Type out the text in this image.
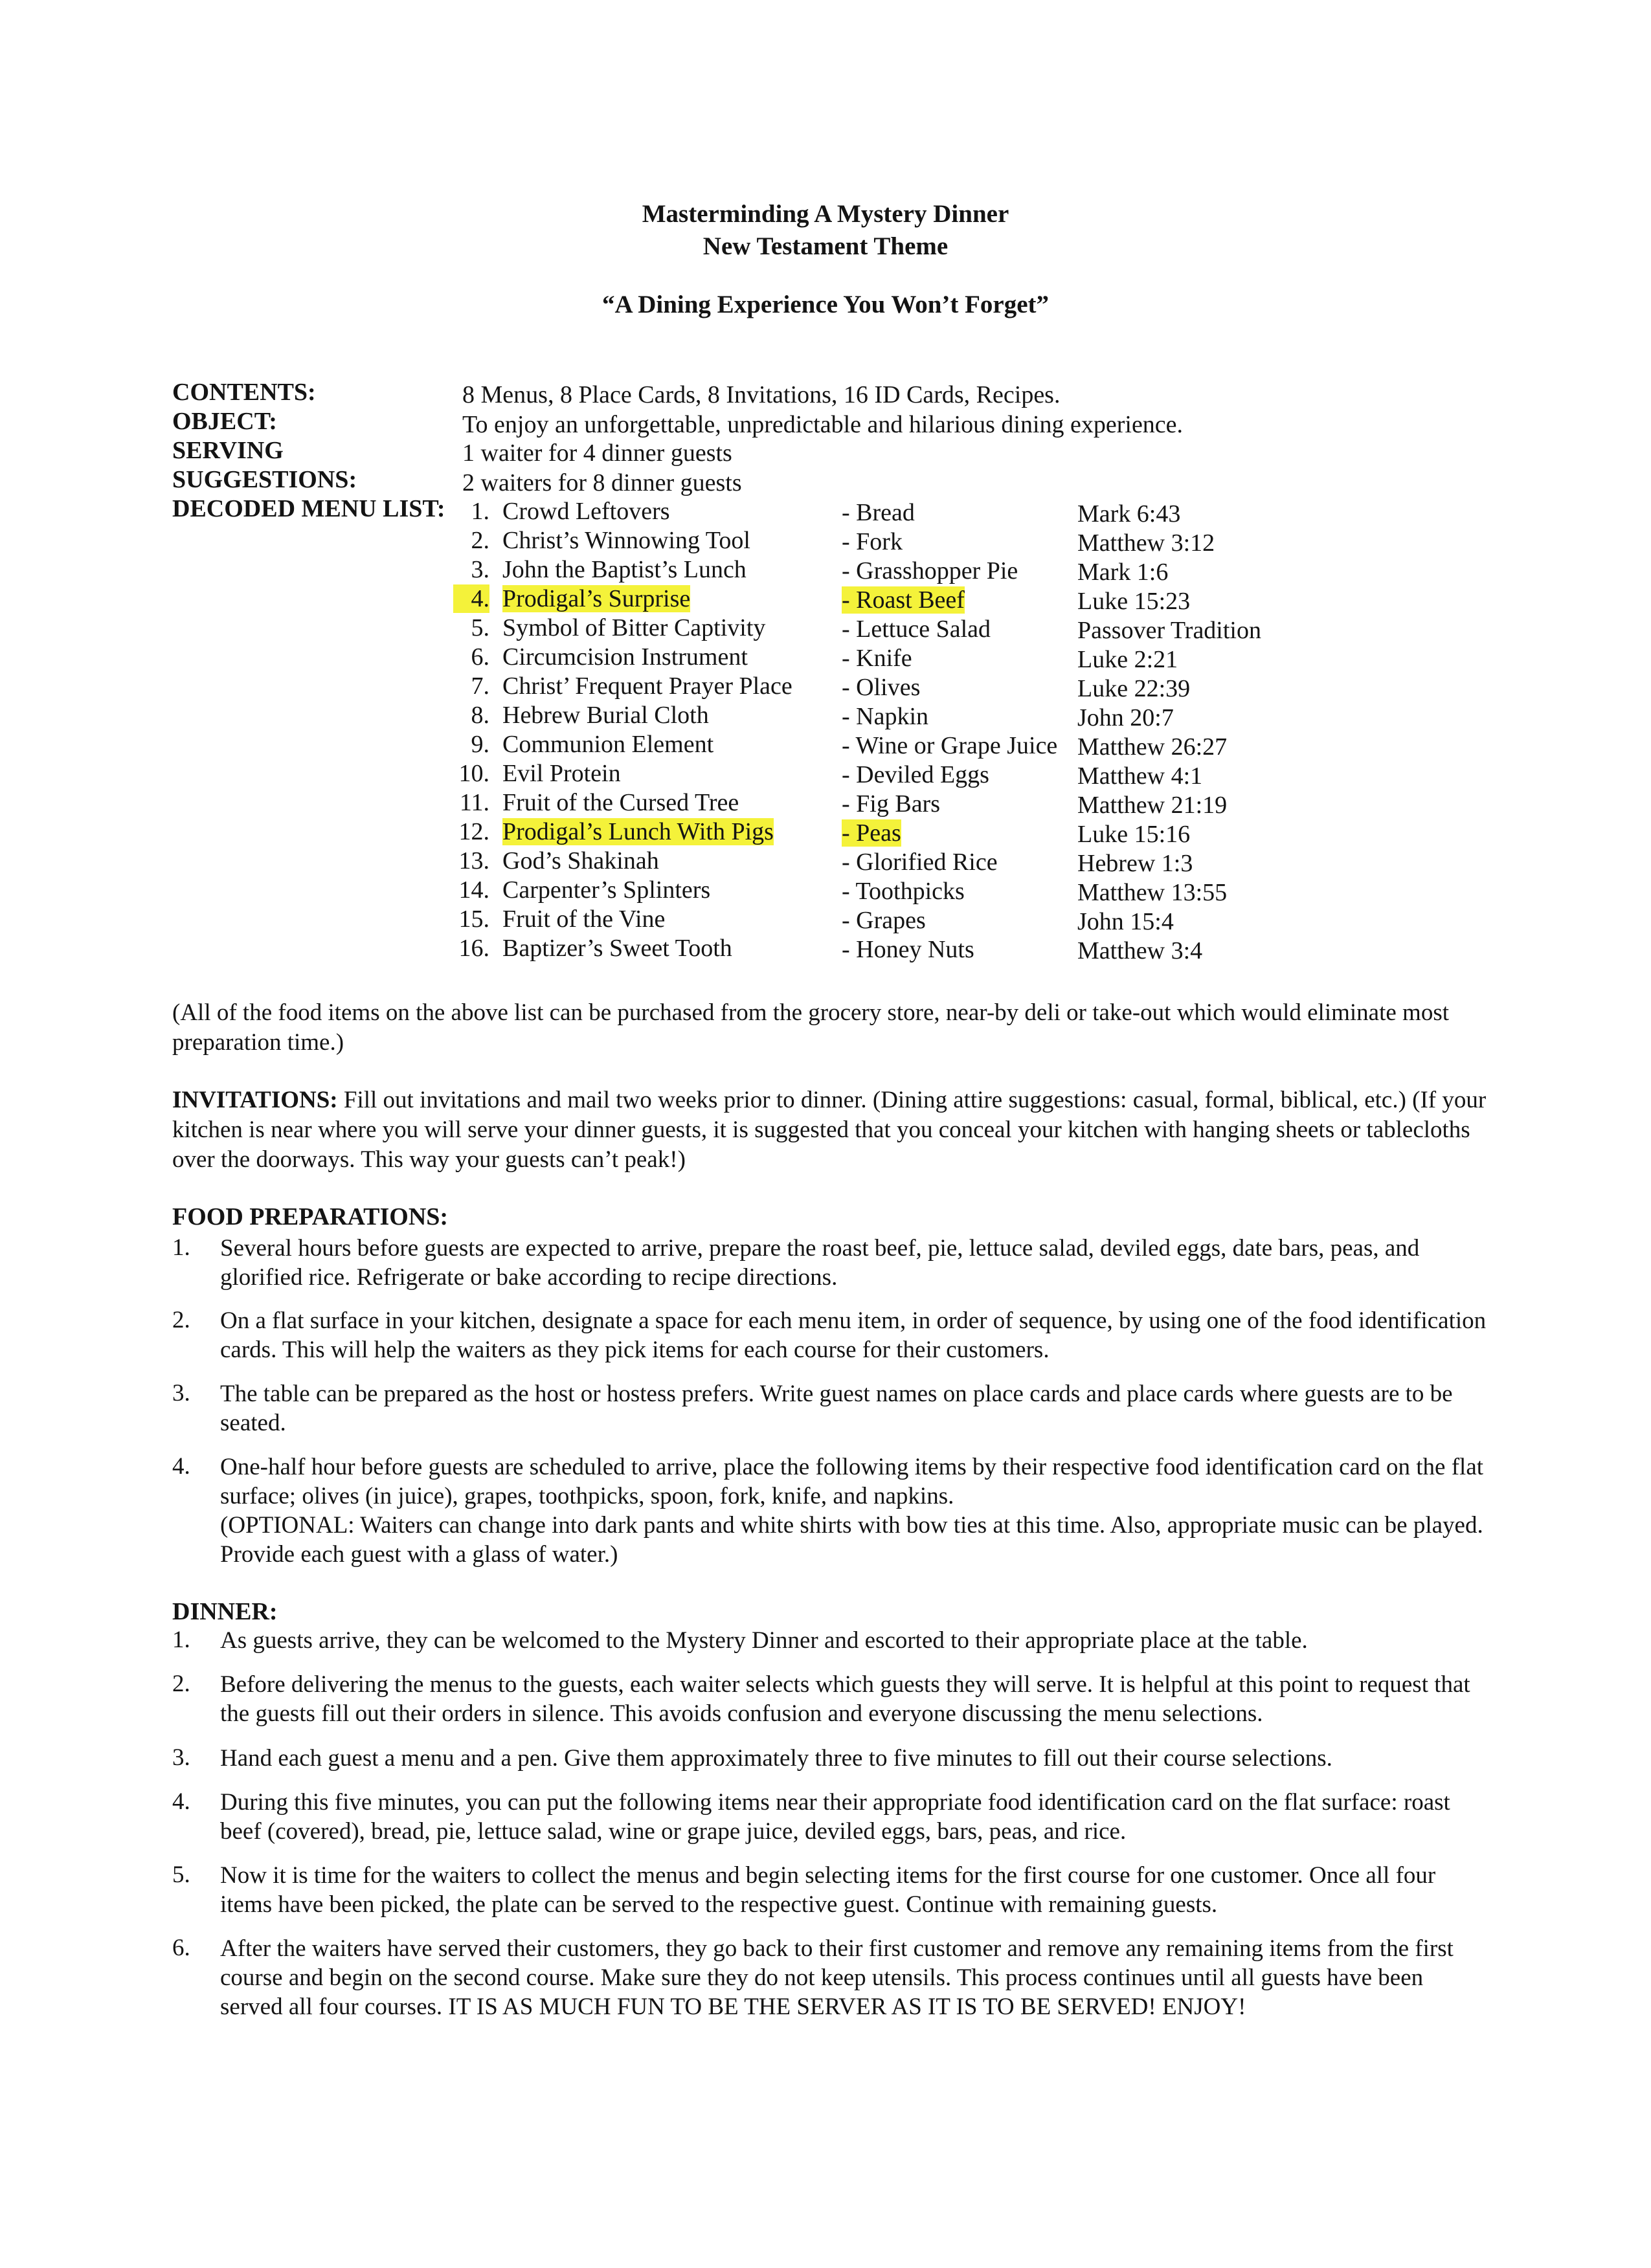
Masterminding A Mystery Dinner
New Testament Theme
“A Dining Experience You Won’t Forget”
CONTENTS:	8 Menus, 8 Place Cards, 8 Invitations, 16 ID Cards, Recipes.
OBJECT:	To enjoy an unforgettable, unpredictable and hilarious dining experience.
SERVING	1 waiter for 4 dinner guests
SUGGESTIONS:	2 waiters for 8 dinner guests
DECODED MENU LIST:	1. Crowd Leftovers	- Bread	Mark 6:43
2. Christ’s Winnowing Tool	- Fork	Matthew 3:12
3. John the Baptist’s Lunch	- Grasshopper Pie Mark 1:6
4. Prodigal’s Surprise	- Roast Beef	Luke 15:23
5. Symbol of Bitter Captivity	- Lettuce Salad	Passover Tradition
6. Circumcision Instrument	- Knife	Luke 2:21
7. Christ’ Frequent Prayer Place - Olives	Luke 22:39
8. Hebrew Burial Cloth	- Napkin	John 20:7
9. Communion Element	- Wine or Grape Juice Matthew 26:27
10. Evil Protein	- Deviled Eggs	Matthew 4:1
11. Fruit of the Cursed Tree	- Fig Bars	Matthew 21:19
12. Prodigal’s Lunch With Pigs	- Peas	Luke 15:16
13. God’s Shakinah	- Glorified Rice	Hebrew 1:3
14. Carpenter’s Splinters	- Toothpicks	Matthew 13:55
15. Fruit of the Vine	- Grapes	John 15:4
16. Baptizer’s Sweet Tooth	- Honey Nuts	Matthew 3:4
(All of the food items on the above list can be purchased from the grocery store, near-by deli or take-out which would eliminate most preparation time.)
INVITATIONS: Fill out invitations and mail two weeks prior to dinner. (Dining attire suggestions: casual, formal, biblical, etc.) (If your kitchen is near where you will serve your dinner guests, it is suggested that you conceal your kitchen with hanging sheets or tablecloths over the doorways. This way your guests can’t peak!)
FOOD PREPARATIONS:
1. Several hours before guests are expected to arrive, prepare the roast beef, pie, lettuce salad, deviled eggs, date bars, peas, and glorified rice. Refrigerate or bake according to recipe directions.
2. On a flat surface in your kitchen, designate a space for each menu item, in order of sequence, by using one of the food identification cards. This will help the waiters as they pick items for each course for their customers.
3. The table can be prepared as the host or hostess prefers. Write guest names on place cards and place cards where guests are to be seated.
4. One-half hour before guests are scheduled to arrive, place the following items by their respective food identification card on the flat surface; olives (in juice), grapes, toothpicks, spoon, fork, knife, and napkins.
(OPTIONAL: Waiters can change into dark pants and white shirts with bow ties at this time. Also, appropriate music can be played. Provide each guest with a glass of water.)
DINNER:
1. As guests arrive, they can be welcomed to the Mystery Dinner and escorted to their appropriate place at the table.
2. Before delivering the menus to the guests, each waiter selects which guests they will serve. It is helpful at this point to request that the guests fill out their orders in silence. This avoids confusion and everyone discussing the menu selections.
3. Hand each guest a menu and a pen. Give them approximately three to five minutes to fill out their course selections.
4. During this five minutes, you can put the following items near their appropriate food identification card on the flat surface: roast beef (covered), bread, pie, lettuce salad, wine or grape juice, deviled eggs, bars, peas, and rice.
5. Now it is time for the waiters to collect the menus and begin selecting items for the first course for one customer. Once all four items have been picked, the plate can be served to the respective guest. Continue with remaining guests.
6. After the waiters have served their customers, they go back to their first customer and remove any remaining items from the first course and begin on the second course. Make sure they do not keep utensils. This process continues until all guests have been served all four courses. IT IS AS MUCH FUN TO BE THE SERVER AS IT IS TO BE SERVED! ENJOY!
